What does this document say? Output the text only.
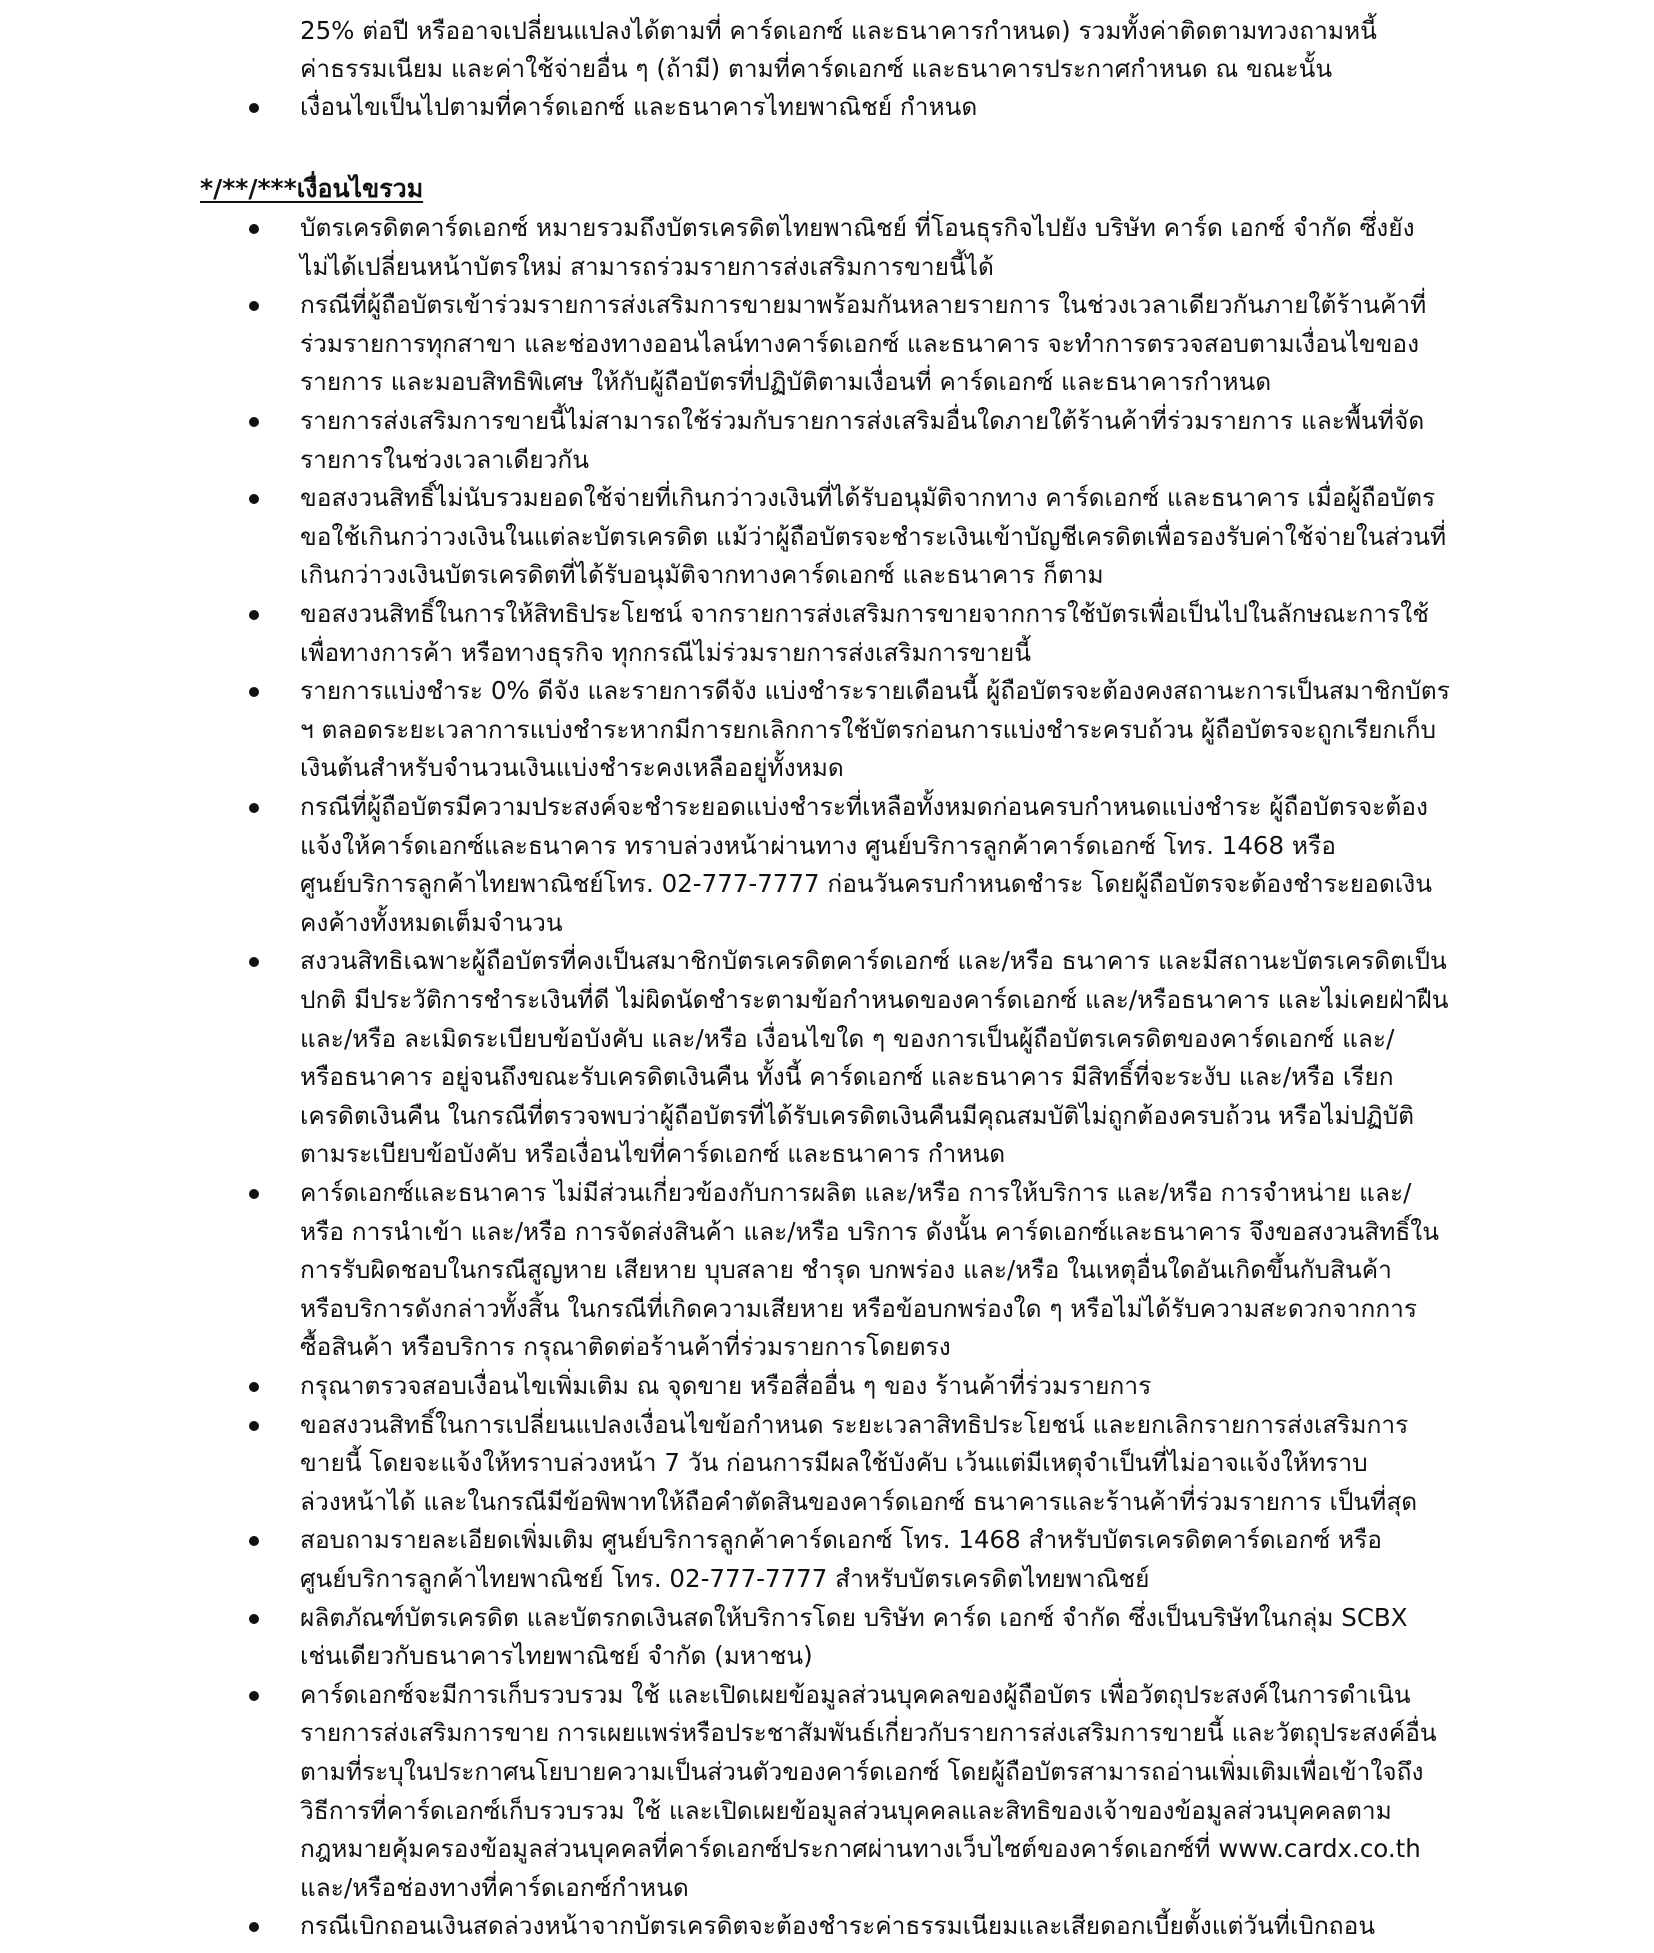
25% ต่อปี หรืออาจเปลี่ยนแปลงได้ตามที่ คาร์ดเอกซ์ และธนาคารกำหนด) รวมทั้งค่าติดตามทวงถามหนี้
ค่าธรรมเนียม และค่าใช้จ่ายอื่น ๆ (ถ้ามี) ตามที่คาร์ดเอกซ์ และธนาคารประกาศกำหนด ณ ขณะนั้น
เงื่อนไขเป็นไปตามที่คาร์ดเอกซ์ และธนาคารไทยพาณิชย์ กำหนด
*/**/***เงื่อนไขรวม
บัตรเครดิตคาร์ดเอกซ์ หมายรวมถึงบัตรเครดิตไทยพาณิชย์ ที่โอนธุรกิจไปยัง บริษัท คาร์ด เอกซ์ จำกัด ซึ่งยัง
ไม่ได้เปลี่ยนหน้าบัตรใหม่ สามารถร่วมรายการส่งเสริมการขายนี้ได้
กรณีที่ผู้ถือบัตรเข้าร่วมรายการส่งเสริมการขายมาพร้อมกันหลายรายการ ในช่วงเวลาเดียวกันภายใต้ร้านค้าที่
ร่วมรายการทุกสาขา และช่องทางออนไลน์ทางคาร์ดเอกซ์ และธนาคาร จะทำการตรวจสอบตามเงื่อนไขของ
รายการ และมอบสิทธิพิเศษ ให้กับผู้ถือบัตรที่ปฏิบัติตามเงื่อนที่ คาร์ดเอกซ์ และธนาคารกำหนด
รายการส่งเสริมการขายนี้ไม่สามารถใช้ร่วมกับรายการส่งเสริมอื่นใดภายใต้ร้านค้าที่ร่วมรายการ และพื้นที่จัด
รายการในช่วงเวลาเดียวกัน
ขอสงวนสิทธิ์ไม่นับรวมยอดใช้จ่ายที่เกินกว่าวงเงินที่ได้รับอนุมัติจากทาง คาร์ดเอกซ์ และธนาคาร เมื่อผู้ถือบัตร
ขอใช้เกินกว่าวงเงินในแต่ละบัตรเครดิต แม้ว่าผู้ถือบัตรจะชำระเงินเข้าบัญชีเครดิตเพื่อรองรับค่าใช้จ่ายในส่วนที่
เกินกว่าวงเงินบัตรเครดิตที่ได้รับอนุมัติจากทางคาร์ดเอกซ์ และธนาคาร ก็ตาม
ขอสงวนสิทธิ์ในการให้สิทธิประโยชน์ จากรายการส่งเสริมการขายจากการใช้บัตรเพื่อเป็นไปในลักษณะการใช้
เพื่อทางการค้า หรือทางธุรกิจ ทุกกรณีไม่ร่วมรายการส่งเสริมการขายนี้
รายการแบ่งชำระ 0% ดีจัง และรายการดีจัง แบ่งชำระรายเดือนนี้ ผู้ถือบัตรจะต้องคงสถานะการเป็นสมาชิกบัตร
ฯ ตลอดระยะเวลาการแบ่งชำระหากมีการยกเลิกการใช้บัตรก่อนการแบ่งชำระครบถ้วน ผู้ถือบัตรจะถูกเรียกเก็บ
เงินต้นสำหรับจำนวนเงินแบ่งชำระคงเหลืออยู่ทั้งหมด
กรณีที่ผู้ถือบัตรมีความประสงค์จะชำระยอดแบ่งชำระที่เหลือทั้งหมดก่อนครบกำหนดแบ่งชำระ ผู้ถือบัตรจะต้อง
แจ้งให้คาร์ดเอกซ์และธนาคาร ทราบล่วงหน้าผ่านทาง ศูนย์บริการลูกค้าคาร์ดเอกซ์ โทร. 1468 หรือ
ศูนย์บริการลูกค้าไทยพาณิชย์โทร. 02-777-7777 ก่อนวันครบกำหนดชำระ โดยผู้ถือบัตรจะต้องชำระยอดเงิน
คงค้างทั้งหมดเต็มจำนวน
สงวนสิทธิเฉพาะผู้ถือบัตรที่คงเป็นสมาชิกบัตรเครดิตคาร์ดเอกซ์ และ/หรือ ธนาคาร และมีสถานะบัตรเครดิตเป็น
ปกติ มีประวัติการชำระเงินที่ดี ไม่ผิดนัดชำระตามข้อกำหนดของคาร์ดเอกซ์ และ/หรือธนาคาร และไม่เคยฝ่าฝืน
และ/หรือ ละเมิดระเบียบข้อบังคับ และ/หรือ เงื่อนไขใด ๆ ของการเป็นผู้ถือบัตรเครดิตของคาร์ดเอกซ์ และ/
หรือธนาคาร อยู่จนถึงขณะรับเครดิตเงินคืน ทั้งนี้ คาร์ดเอกซ์ และธนาคาร มีสิทธิ์ที่จะระงับ และ/หรือ เรียก
เครดิตเงินคืน ในกรณีที่ตรวจพบว่าผู้ถือบัตรที่ได้รับเครดิตเงินคืนมีคุณสมบัติไม่ถูกต้องครบถ้วน หรือไม่ปฏิบัติ
ตามระเบียบข้อบังคับ หรือเงื่อนไขที่คาร์ดเอกซ์ และธนาคาร กำหนด
คาร์ดเอกซ์และธนาคาร ไม่มีส่วนเกี่ยวข้องกับการผลิต และ/หรือ การให้บริการ และ/หรือ การจำหน่าย และ/
หรือ การนำเข้า และ/หรือ การจัดส่งสินค้า และ/หรือ บริการ ดังนั้น คาร์ดเอกซ์และธนาคาร จึงขอสงวนสิทธิ์ใน
การรับผิดชอบในกรณีสูญหาย เสียหาย บุบสลาย ชำรุด บกพร่อง และ/หรือ ในเหตุอื่นใดอันเกิดขึ้นกับสินค้า
หรือบริการดังกล่าวทั้งสิ้น ในกรณีที่เกิดความเสียหาย หรือข้อบกพร่องใด ๆ หรือไม่ได้รับความสะดวกจากการ
ซื้อสินค้า หรือบริการ กรุณาติดต่อร้านค้าที่ร่วมรายการโดยตรง
กรุณาตรวจสอบเงื่อนไขเพิ่มเติม ณ จุดขาย หรือสื่ออื่น ๆ ของ ร้านค้าที่ร่วมรายการ
ขอสงวนสิทธิ์ในการเปลี่ยนแปลงเงื่อนไขข้อกำหนด ระยะเวลาสิทธิประโยชน์ และยกเลิกรายการส่งเสริมการ
ขายนี้ โดยจะแจ้งให้ทราบล่วงหน้า 7 วัน ก่อนการมีผลใช้บังคับ เว้นแต่มีเหตุจำเป็นที่ไม่อาจแจ้งให้ทราบ
ล่วงหน้าได้ และในกรณีมีข้อพิพาทให้ถือคำตัดสินของคาร์ดเอกซ์ ธนาคารและร้านค้าที่ร่วมรายการ เป็นที่สุด
สอบถามรายละเอียดเพิ่มเติม ศูนย์บริการลูกค้าคาร์ดเอกซ์ โทร. 1468 สำหรับบัตรเครดิตคาร์ดเอกซ์ หรือ
ศูนย์บริการลูกค้าไทยพาณิชย์ โทร. 02-777-7777 สำหรับบัตรเครดิตไทยพาณิชย์
ผลิตภัณฑ์บัตรเครดิต และบัตรกดเงินสดให้บริการโดย บริษัท คาร์ด เอกซ์ จำกัด ซึ่งเป็นบริษัทในกลุ่ม SCBX
เช่นเดียวกับธนาคารไทยพาณิชย์ จำกัด (มหาชน)
คาร์ดเอกซ์จะมีการเก็บรวบรวม ใช้ และเปิดเผยข้อมูลส่วนบุคคลของผู้ถือบัตร เพื่อวัตถุประสงค์ในการดำเนิน
รายการส่งเสริมการขาย การเผยแพร่หรือประชาสัมพันธ์เกี่ยวกับรายการส่งเสริมการขายนี้ และวัตถุประสงค์อื่น
ตามที่ระบุในประกาศนโยบายความเป็นส่วนตัวของคาร์ดเอกซ์ โดยผู้ถือบัตรสามารถอ่านเพิ่มเติมเพื่อเข้าใจถึง
วิธีการที่คาร์ดเอกซ์เก็บรวบรวม ใช้ และเปิดเผยข้อมูลส่วนบุคคลและสิทธิของเจ้าของข้อมูลส่วนบุคคลตาม
กฎหมายคุ้มครองข้อมูลส่วนบุคคลที่คาร์ดเอกซ์ประกาศผ่านทางเว็บไซต์ของคาร์ดเอกซ์ที่ www.cardx.co.th
และ/หรือช่องทางที่คาร์ดเอกซ์กำหนด
กรณีเบิกถอนเงินสดล่วงหน้าจากบัตรเครดิตจะต้องชำระค่าธรรมเนียมและเสียดอกเบี้ยตั้งแต่วันที่เบิกถอน
